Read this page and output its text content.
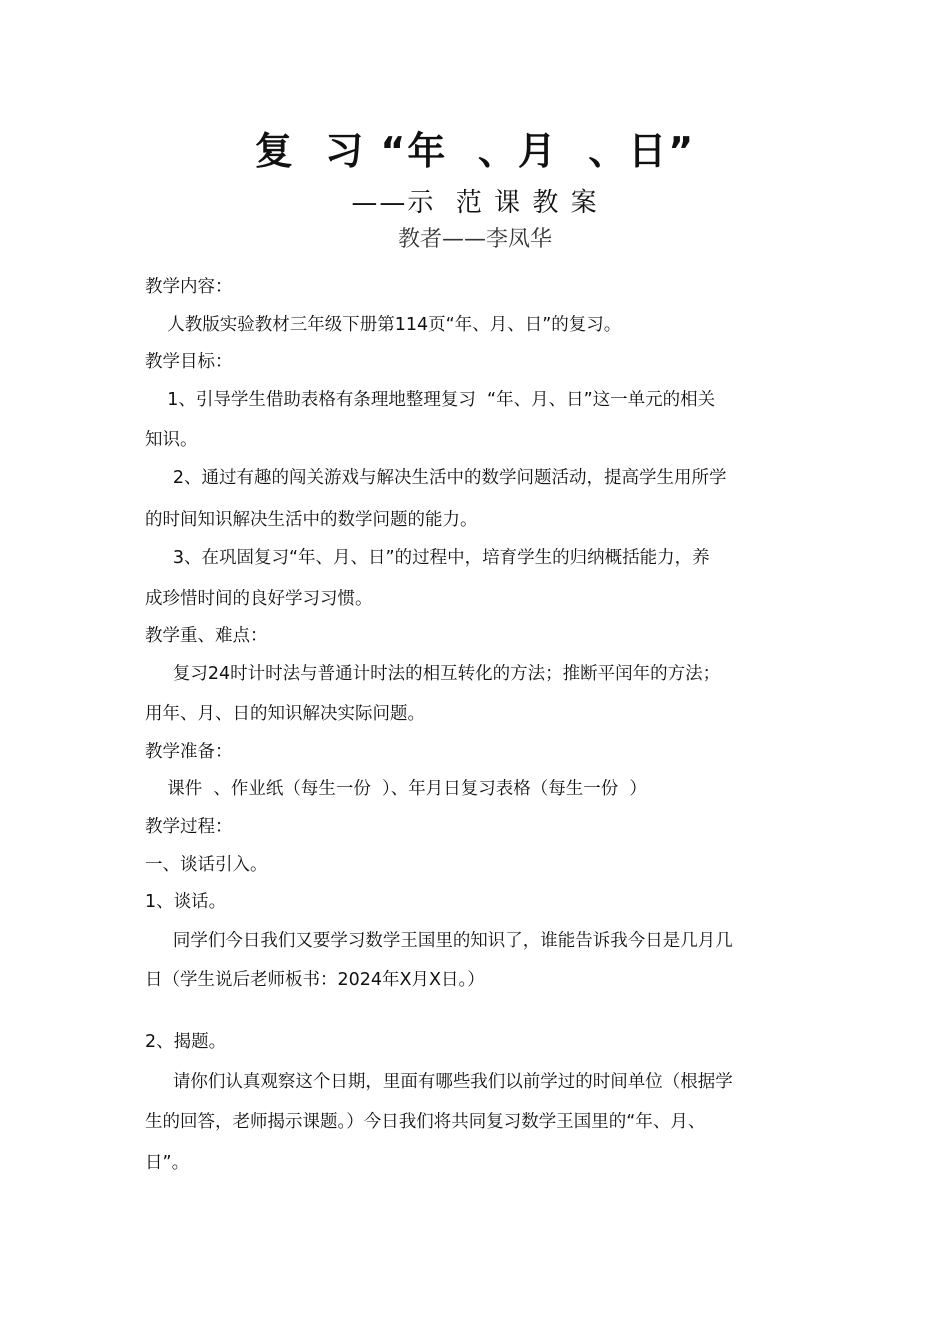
复  习 “年  、月  、日”
——示  范 课 教 案
教者——李凤华
教学内容：
人教版实验教材三年级下册第114页“年、月、日”的复习。
教学目标：
1、引导学生借助表格有条理地整理复习  “年、月、日”这一单元的相关
知识。
2、通过有趣的闯关游戏与解决生活中的数学问题活动，提高学生用所学
的时间知识解决生活中的数学问题的能力。
3、在巩固复习“年、月、日”的过程中，培育学生的归纳概括能力，养
成珍惜时间的良好学习习惯。
教学重、难点：
复习24时计时法与普通计时法的相互转化的方法；推断平闰年的方法；
用年、月、日的知识解决实际问题。
教学准备：
课件  、作业纸（每生一份  ）、年月日复习表格（每生一份  ）
教学过程：
一、谈话引入。
1、谈话。
同学们今日我们又要学习数学王国里的知识了，谁能告诉我今日是几月几
日（学生说后老师板书：2024年X月X日。）
2、揭题。
请你们认真观察这个日期，里面有哪些我们以前学过的时间单位（根据学
生的回答，老师揭示课题。）今日我们将共同复习数学王国里的“年、月、
日”。
